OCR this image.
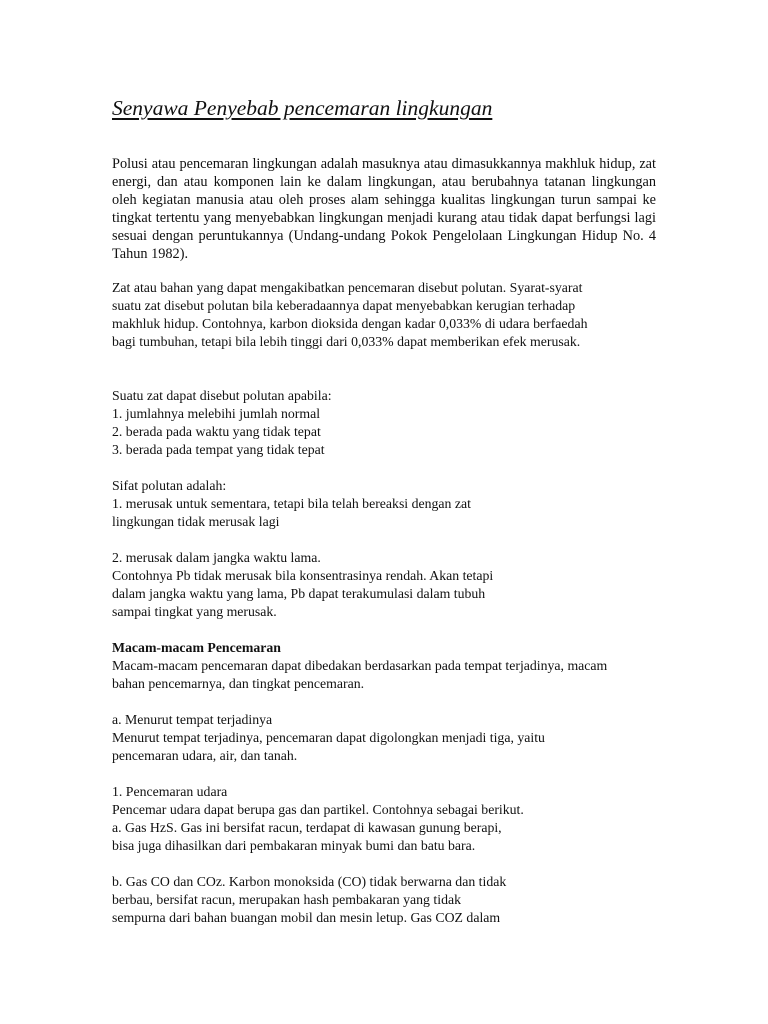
Senyawa Penyebab pencemaran lingkungan

Polusi atau pencemaran lingkungan adalah masuknya atau dimasukkannya makhluk hidup, zat energi, dan atau komponen lain ke dalam lingkungan, atau berubahnya tatanan lingkungan oleh kegiatan manusia atau oleh proses alam sehingga kualitas lingkungan turun sampai ke tingkat tertentu yang menyebabkan lingkungan menjadi kurang atau tidak dapat berfungsi lagi sesuai dengan peruntukannya (Undang-undang Pokok Pengelolaan Lingkungan Hidup No. 4 Tahun 1982).

Zat atau bahan yang dapat mengakibatkan pencemaran disebut polutan. Syarat-syarat

suatu zat disebut polutan bila keberadaannya dapat menyebabkan kerugian terhadap

makhluk hidup. Contohnya, karbon dioksida dengan kadar 0,033% di udara berfaedah

bagi tumbuhan, tetapi bila lebih tinggi dari 0,033% dapat memberikan efek merusak.

Suatu zat dapat disebut polutan apabila:

1. jumlahnya melebihi jumlah normal

2. berada pada waktu yang tidak tepat

3. berada pada tempat yang tidak tepat

Sifat polutan adalah:

1. merusak untuk sementara, tetapi bila telah bereaksi dengan zat

lingkungan tidak merusak lagi

2. merusak dalam jangka waktu lama.

Contohnya Pb tidak merusak bila konsentrasinya rendah. Akan tetapi

dalam jangka waktu yang lama, Pb dapat terakumulasi dalam tubuh

sampai tingkat yang merusak.

Macam-macam Pencemaran

Macam-macam pencemaran dapat dibedakan berdasarkan pada tempat terjadinya, macam

bahan pencemarnya, dan tingkat pencemaran.

a. Menurut tempat terjadinya

Menurut tempat terjadinya, pencemaran dapat digolongkan menjadi tiga, yaitu

pencemaran udara, air, dan tanah.

1. Pencemaran udara

Pencemar udara dapat berupa gas dan partikel. Contohnya sebagai berikut.

a. Gas HzS. Gas ini bersifat racun, terdapat di kawasan gunung berapi,

bisa juga dihasilkan dari pembakaran minyak bumi dan batu bara.

b. Gas CO dan COz. Karbon monoksida (CO) tidak berwarna dan tidak

berbau, bersifat racun, merupakan hash pembakaran yang tidak

sempurna dari bahan buangan mobil dan mesin letup. Gas COZ dalam
